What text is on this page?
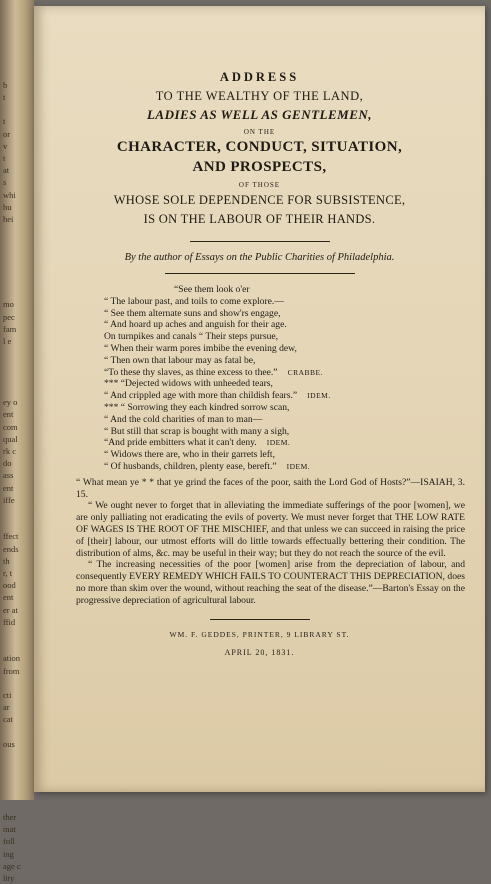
b
t

t
or
v
t
at
s
whi
hu
hei

mo
pec
fam
l e

ey o
ent
com
qual
rk c
do
ass
ent
iffe

ffect
ends
th
r, t
ood
ent
er at
ffid

ation
from

cti
ar
cat

ous

ther
mat
foll
ing
age c
lity
ADDRESS
TO THE WEALTHY OF THE LAND,
LADIES AS WELL AS GENTLEMEN,
ON THE
CHARACTER, CONDUCT, SITUATION,
AND PROSPECTS,
OF THOSE
WHOSE SOLE DEPENDENCE FOR SUBSISTENCE,
IS ON THE LABOUR OF THEIR HANDS.
By the author of Essays on the Public Charities of Philadelphia.
“See them look o'er
“ The labour past, and toils to come explore.—
“ See them alternate suns and show'rs engage,
“ And hoard up aches and anguish for their age.
On turnpikes and canals “ Their steps pursue,
“ When their warm pores imbibe the evening dew,
“ Then own that labour may as fatal be,
“To these thy slaves, as thine excess to thee.” CRABBE.
*** “Dejected widows with unheeded tears,
“ And crippled age with more than childish fears.” IDEM.
*** “ Sorrowing they each kindred sorrow scan,
“ And the cold charities of man to man—
“ But still that scrap is bought with many a sigh,
“And pride embitters what it can't deny. IDEM.
“ Widows there are, who in their garrets left,
“ Of husbands, children, plenty ease, bereft.” IDEM.

“ What mean ye * * that ye grind the faces of the poor, saith the Lord God of Hosts?”—ISAIAH, 3. 15.

“ We ought never to forget that in alleviating the immediate sufferings of the poor [women], we are only palliating not eradicating the evils of poverty. We must never forget that THE LOW RATE OF WAGES IS THE ROOT OF THE MISCHIEF, and that unless we can succeed in raising the price of [their] labour, our utmost efforts will do little towards effectually bettering their condition. The distribution of alms, &c. may be useful in their way; but they do not reach the source of the evil.

“ The increasing necessities of the poor [women] arise from the depreciation of labour, and consequently EVERY REMEDY WHICH FAILS TO COUNTERACT THIS DEPRECIATION, does no more than skim over the wound, without reaching the seat of the disease.”—Barton's Essay on the progressive depreciation of agricultural labour.

WM. F. GEDDES, PRINTER, 9 LIBRARY ST.
APRIL 20, 1831.
